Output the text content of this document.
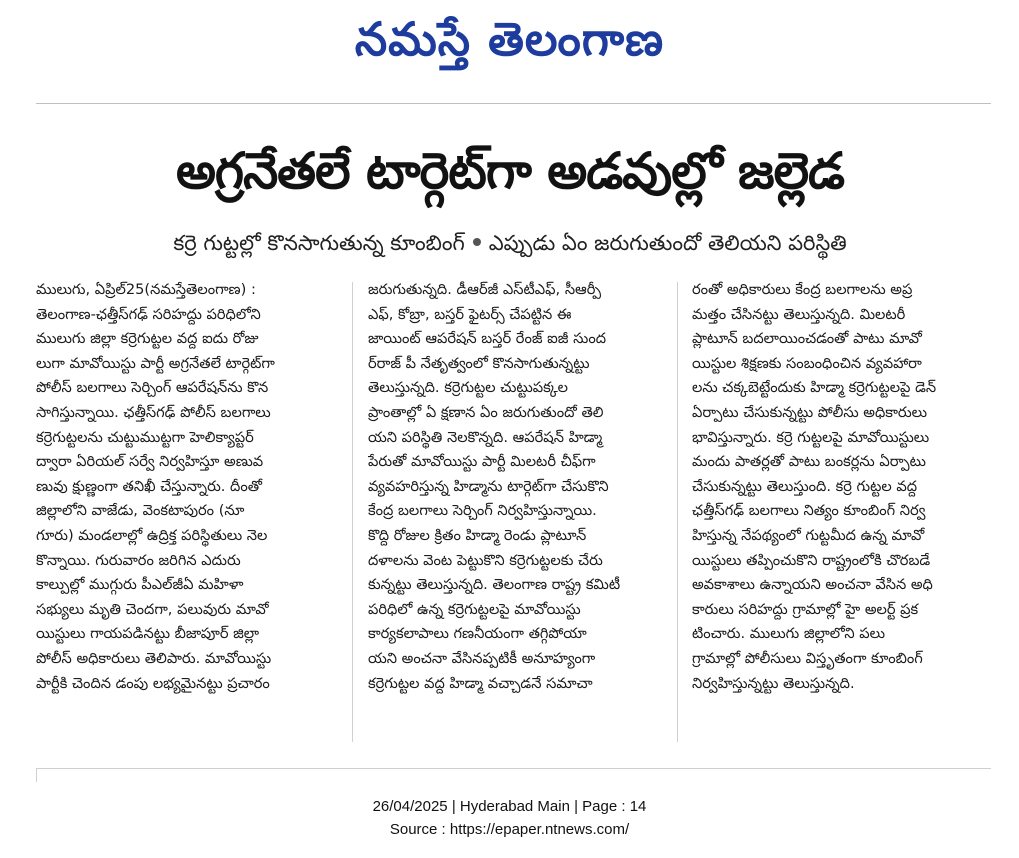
నమస్తే తెలంగాణ
అగ్రనేతలే టార్గెట్‌గా అడవుల్లో జల్లెడ
కర్రె గుట్టల్లో కొనసాగుతున్న కూంబింగ్ ఎప్పుడు ఏం జరుగుతుందో తెలియని పరిస్థితి
ములుగు, ఏప్రిల్25(నమస్తేతెలంగాణ) :
తెలంగాణ-ఛత్తీస్‌గఢ్ సరిహద్దు పరిధిలోని
ములుగు జిల్లా కర్రెగుట్టల వద్ద ఐదు రోజు
లుగా మావోయిస్టు పార్టీ అగ్రనేతలే టార్గెట్‌గా
పోలీస్ బలగాలు సెర్చింగ్ ఆపరేషన్‌ను కొన
సాగిస్తున్నాయి. ఛత్తీస్‌గఢ్ పోలీస్ బలగాలు
కర్రెగుట్టలను చుట్టుముట్టగా హెలిక్యాప్టర్
ద్వారా ఏరియల్ సర్వే నిర్వహిస్తూ అణువ
ణువు క్షుణ్ణంగా తనిఖీ చేస్తున్నారు. దీంతో
జిల్లాలోని వాజేడు, వెంకటాపురం (నూ
గూరు) మండలాల్లో ఉద్రిక్త పరిస్థితులు నెల
కొన్నాయి. గురువారం జరిగిన ఎదురు
కాల్పుల్లో ముగ్గురు పీఎల్‌జీఏ మహిళా
సభ్యులు మృతి చెందగా, పలువురు మావో
యిస్టులు గాయపడినట్టు బీజాపూర్ జిల్లా
పోలీస్ అధికారులు తెలిపారు. మావోయిస్టు
పార్టీకి చెందిన డంపు లభ్యమైనట్టు ప్రచారం
జరుగుతున్నది. డీఆర్‌జీ ఎస్‌టీఎఫ్, సీఆర్పీ
ఎఫ్, కోబ్రా, బస్తర్ ఫైటర్స్ చేపట్టిన ఈ
జాయింట్ ఆపరేషన్ బస్తర్ రేంజ్ ఐజీ సుంద
ర్‌రాజ్ పీ నేతృత్వంలో కొనసాగుతున్నట్టు
తెలుస్తున్నది. కర్రెగుట్టల చుట్టుపక్కల
ప్రాంతాల్లో ఏ క్షణాన ఏం జరుగుతుందో తెలి
యని పరిస్థితి నెలకొన్నది. ఆపరేషన్ హిడ్మా
పేరుతో మావోయిస్టు పార్టీ మిలటరీ చీఫ్‌గా
వ్యవహరిస్తున్న హిడ్మాను టార్గెట్‌గా చేసుకొని
కేంద్ర బలగాలు సెర్చింగ్ నిర్వహిస్తున్నాయి.
కొద్ది రోజుల క్రితం హిడ్మా రెండు ప్లాటూన్
దళాలను వెంట పెట్టుకొని కర్రెగుట్టలకు చేరు
కున్నట్టు తెలుస్తున్నది. తెలంగాణ రాష్ట్ర కమిటీ
పరిధిలో ఉన్న కర్రెగుట్టలపై మావోయిస్టు
కార్యకలాపాలు గణనీయంగా తగ్గిపోయా
యని అంచనా వేసినప్పటికీ అనూహ్యంగా
కర్రెగుట్టల వద్ద హిడ్మా వచ్చాడనే సమాచా
రంతో అధికారులు కేంద్ర బలగాలను అప్ర
మత్తం చేసినట్టు తెలుస్తున్నది. మిలటరీ
ప్లాటూన్ బదలాయించడంతో పాటు మావో
యిస్టుల శిక్షణకు సంబంధించిన వ్యవహారా
లను చక్కబెట్టేందుకు హిడ్మా కర్రెగుట్టలపై డెన్
ఏర్పాటు చేసుకున్నట్టు పోలీసు అధికారులు
భావిస్తున్నారు. కర్రె గుట్టలపై మావోయిస్టులు
మందు పాతర్లతో పాటు బంకర్లను ఏర్పాటు
చేసుకున్నట్టు తెలుస్తుంది. కర్రె గుట్టల వద్ద
ఛత్తీస్‌గఢ్ బలగాలు నిత్యం కూంబింగ్ నిర్వ
హిస్తున్న నేపథ్యంలో గుట్టమీద ఉన్న మావో
యిస్టులు తప్పించుకొని రాష్ట్రంలోకి చొరబడే
అవకాశాలు ఉన్నాయని అంచనా వేసిన అధి
కారులు సరిహద్దు గ్రామాల్లో హై అలర్ట్ ప్రక
టించారు. ములుగు జిల్లాలోని పలు
గ్రామాల్లో పోలీసులు విస్తృతంగా కూంబింగ్
నిర్వహిస్తున్నట్టు తెలుస్తున్నది.
26/04/2025 | Hyderabad Main | Page : 14
Source : https://epaper.ntnews.com/
